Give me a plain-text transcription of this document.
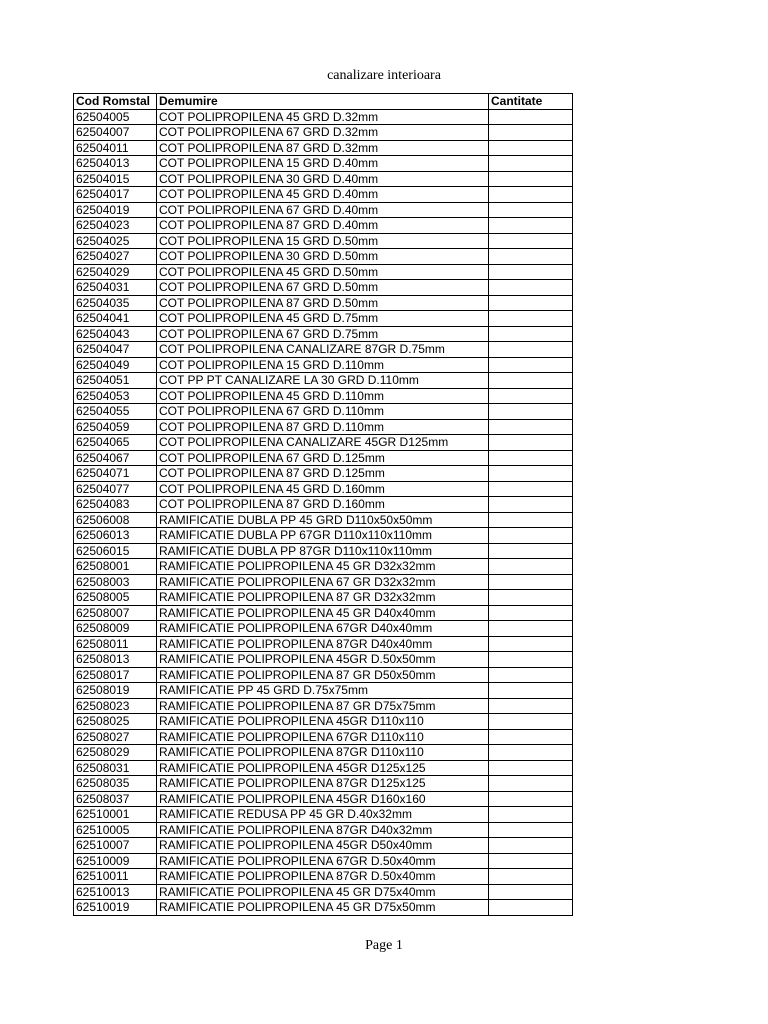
canalizare interioara
Cod Romstal	Demumire	Cantitate
62504005	COT POLIPROPILENA 45 GRD D.32mm	
62504007	COT POLIPROPILENA 67 GRD D.32mm	
62504011	COT POLIPROPILENA 87 GRD D.32mm	
62504013	COT POLIPROPILENA 15 GRD D.40mm	
62504015	COT POLIPROPILENA 30 GRD D.40mm	
62504017	COT POLIPROPILENA 45 GRD D.40mm	
62504019	COT POLIPROPILENA 67 GRD D.40mm	
62504023	COT POLIPROPILENA 87 GRD D.40mm	
62504025	COT POLIPROPILENA 15 GRD D.50mm	
62504027	COT POLIPROPILENA 30 GRD D.50mm	
62504029	COT POLIPROPILENA 45 GRD D.50mm	
62504031	COT POLIPROPILENA 67 GRD D.50mm	
62504035	COT POLIPROPILENA 87 GRD D.50mm	
62504041	COT POLIPROPILENA 45 GRD D.75mm	
62504043	COT POLIPROPILENA 67 GRD D.75mm	
62504047	COT POLIPROPILENA CANALIZARE 87GR D.75mm	
62504049	COT POLIPROPILENA 15 GRD D.110mm	
62504051	COT PP PT CANALIZARE LA 30 GRD D.110mm	
62504053	COT POLIPROPILENA 45 GRD D.110mm	
62504055	COT POLIPROPILENA 67 GRD D.110mm	
62504059	COT POLIPROPILENA 87 GRD D.110mm	
62504065	COT POLIPROPILENA CANALIZARE 45GR D125mm	
62504067	COT POLIPROPILENA 67 GRD D.125mm	
62504071	COT POLIPROPILENA 87 GRD D.125mm	
62504077	COT POLIPROPILENA 45 GRD D.160mm	
62504083	COT POLIPROPILENA 87 GRD D.160mm	
62506008	RAMIFICATIE DUBLA PP 45 GRD D110x50x50mm	
62506013	RAMIFICATIE DUBLA PP 67GR D110x110x110mm	
62506015	RAMIFICATIE DUBLA PP 87GR D110x110x110mm	
62508001	RAMIFICATIE POLIPROPILENA 45 GR D32x32mm	
62508003	RAMIFICATIE POLIPROPILENA 67 GR D32x32mm	
62508005	RAMIFICATIE POLIPROPILENA 87 GR D32x32mm	
62508007	RAMIFICATIE POLIPROPILENA 45 GR D40x40mm	
62508009	RAMIFICATIE POLIPROPILENA 67GR D40x40mm	
62508011	RAMIFICATIE POLIPROPILENA 87GR D40x40mm	
62508013	RAMIFICATIE POLIPROPILENA 45GR D.50x50mm	
62508017	RAMIFICATIE POLIPROPILENA 87 GR D50x50mm	
62508019	RAMIFICATIE PP 45 GRD D.75x75mm	
62508023	RAMIFICATIE POLIPROPILENA 87 GR D75x75mm	
62508025	RAMIFICATIE POLIPROPILENA 45GR D110x110	
62508027	RAMIFICATIE POLIPROPILENA 67GR D110x110	
62508029	RAMIFICATIE POLIPROPILENA 87GR D110x110	
62508031	RAMIFICATIE POLIPROPILENA 45GR D125x125	
62508035	RAMIFICATIE POLIPROPILENA 87GR D125x125	
62508037	RAMIFICATIE POLIPROPILENA 45GR D160x160	
62510001	RAMIFICATIE REDUSA PP 45 GR D.40x32mm	
62510005	RAMIFICATIE POLIPROPILENA 87GR D40x32mm	
62510007	RAMIFICATIE POLIPROPILENA 45GR D50x40mm	
62510009	RAMIFICATIE POLIPROPILENA 67GR D.50x40mm	
62510011	RAMIFICATIE POLIPROPILENA 87GR D.50x40mm	
62510013	RAMIFICATIE POLIPROPILENA 45 GR D75x40mm	
62510019	RAMIFICATIE POLIPROPILENA 45 GR D75x50mm	
Page 1
